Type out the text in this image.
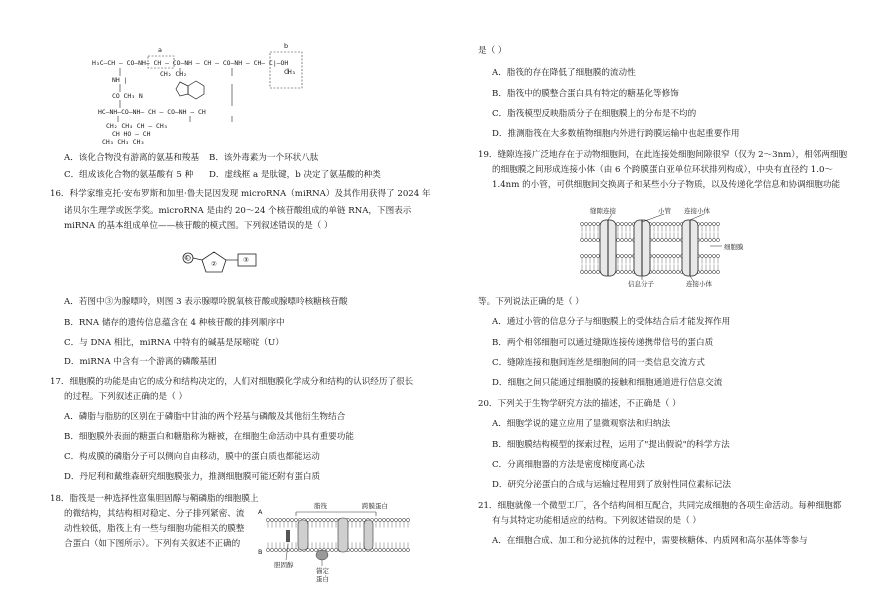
a	b
H₃C—CH — CO—NH— CH — CO—NH — CH — CO—NH — CH— C|—OH
CH₃
CH₂ CH₂
NH |
CO CH₃ N
HC—NH—CO—NH— CH — CO—NH — CH
CH₂ CH₃ CH — CH₃
CH HO — CH
CH₃ CH₃ CH₃
A．该化合物没有游离的氨基和羧基 B．该外毒素为一个环状八肽
C．组成该化合物的氨基酸有 5 种 D．虚线框 a 是肽键，b 决定了氨基酸的种类
16．科学家维克托·安布罗斯和加里·鲁夫昆因发现 microRNA（miRNA）及其作用获得了 2024 年
诺贝尔生理学或医学奖。microRNA 是由约 20～24 个核苷酸组成的单链 RNA，下图表示
miRNA 的基本组成单位——核苷酸的模式图。下列叙述错误的是（ ）
①
②	③
A．若图中③为腺嘌呤，则图 3 表示腺嘌呤脱氧核苷酸或腺嘌呤核糖核苷酸
B．RNA 储存的遗传信息蕴含在 4 种核苷酸的排列顺序中
C．与 DNA 相比，miRNA 中特有的碱基是尿嘧啶（U）
D．miRNA 中含有一个游离的磷酸基团
17．细胞膜的功能是由它的成分和结构决定的，人们对细胞膜化学成分和结构的认识经历了很长
的过程。下列叙述正确的是（ ）
A．磷脂与脂肪的区别在于磷脂中甘油的两个羟基与磷酸及其他衍生物结合
B．细胞膜外表面的糖蛋白和糖脂称为糖被，在细胞生命活动中具有重要功能
C．构成膜的磷脂分子可以侧向自由移动，膜中的蛋白质也都能运动
D．丹尼利和戴维森研究细胞膜张力，推测细胞膜可能还附有蛋白质
18．脂筏是一种选择性富集胆固醇与鞘磷脂的细胞膜上
的微结构，其结构相对稳定、分子排列紧密、流
动性较低，脂筏上有一些与细胞功能相关的膜整
合蛋白（如下图所示）。下列有关叙述不正确的
脂筏	跨膜蛋白
A
B
胆固醇
锚定
蛋白
是（ ）
A．脂筏的存在降低了细胞膜的流动性
B．脂筏中的膜整合蛋白具有特定的糖基化等修饰
C．脂筏模型反映脂质分子在细胞膜上的分布是不均的
D．推测脂筏在大多数植物细胞内外进行跨膜运输中也起重要作用
19．缝隙连接广泛地存在于动物细胞间，在此连接处细胞间隙很窄（仅为 2～3nm），相邻两细胞
的细胞膜之间形成连接小体（由 6 个跨膜蛋白亚单位环状排列构成），中央有直径约 1.0～
1.4nm 的小管，可供细胞间交换离子和某些小分子物质，以及传递化学信息和协调细胞功能
缝隙连接	小管 连接小体
细胞膜
信息分子	连接小体
等。下列说法正确的是（ ）
A．通过小管的信息分子与细胞膜上的受体结合后才能发挥作用
B．两个相邻细胞可以通过缝隙连接传递携带信号的蛋白质
C．缝隙连接和胞间连丝是细胞间的同一类信息交流方式
D．细胞之间只能通过细胞膜的接触和细胞通道进行信息交流
20．下列关于生物学研究方法的描述，不正确是（ ）
A．细胞学说的建立应用了显微观察法和归纳法
B．细胞膜结构模型的探索过程，运用了"提出假说"的科学方法
C．分离细胞器的方法是密度梯度离心法
D．研究分泌蛋白的合成与运输过程用到了放射性同位素标记法
21．细胞就像一个微型工厂，各个结构间相互配合，共同完成细胞的各项生命活动。每种细胞都
有与其特定功能相适应的结构。下列叙述错误的是（ ）
A．在细胞合成、加工和分泌抗体的过程中，需要核糖体、内质网和高尔基体等参与
